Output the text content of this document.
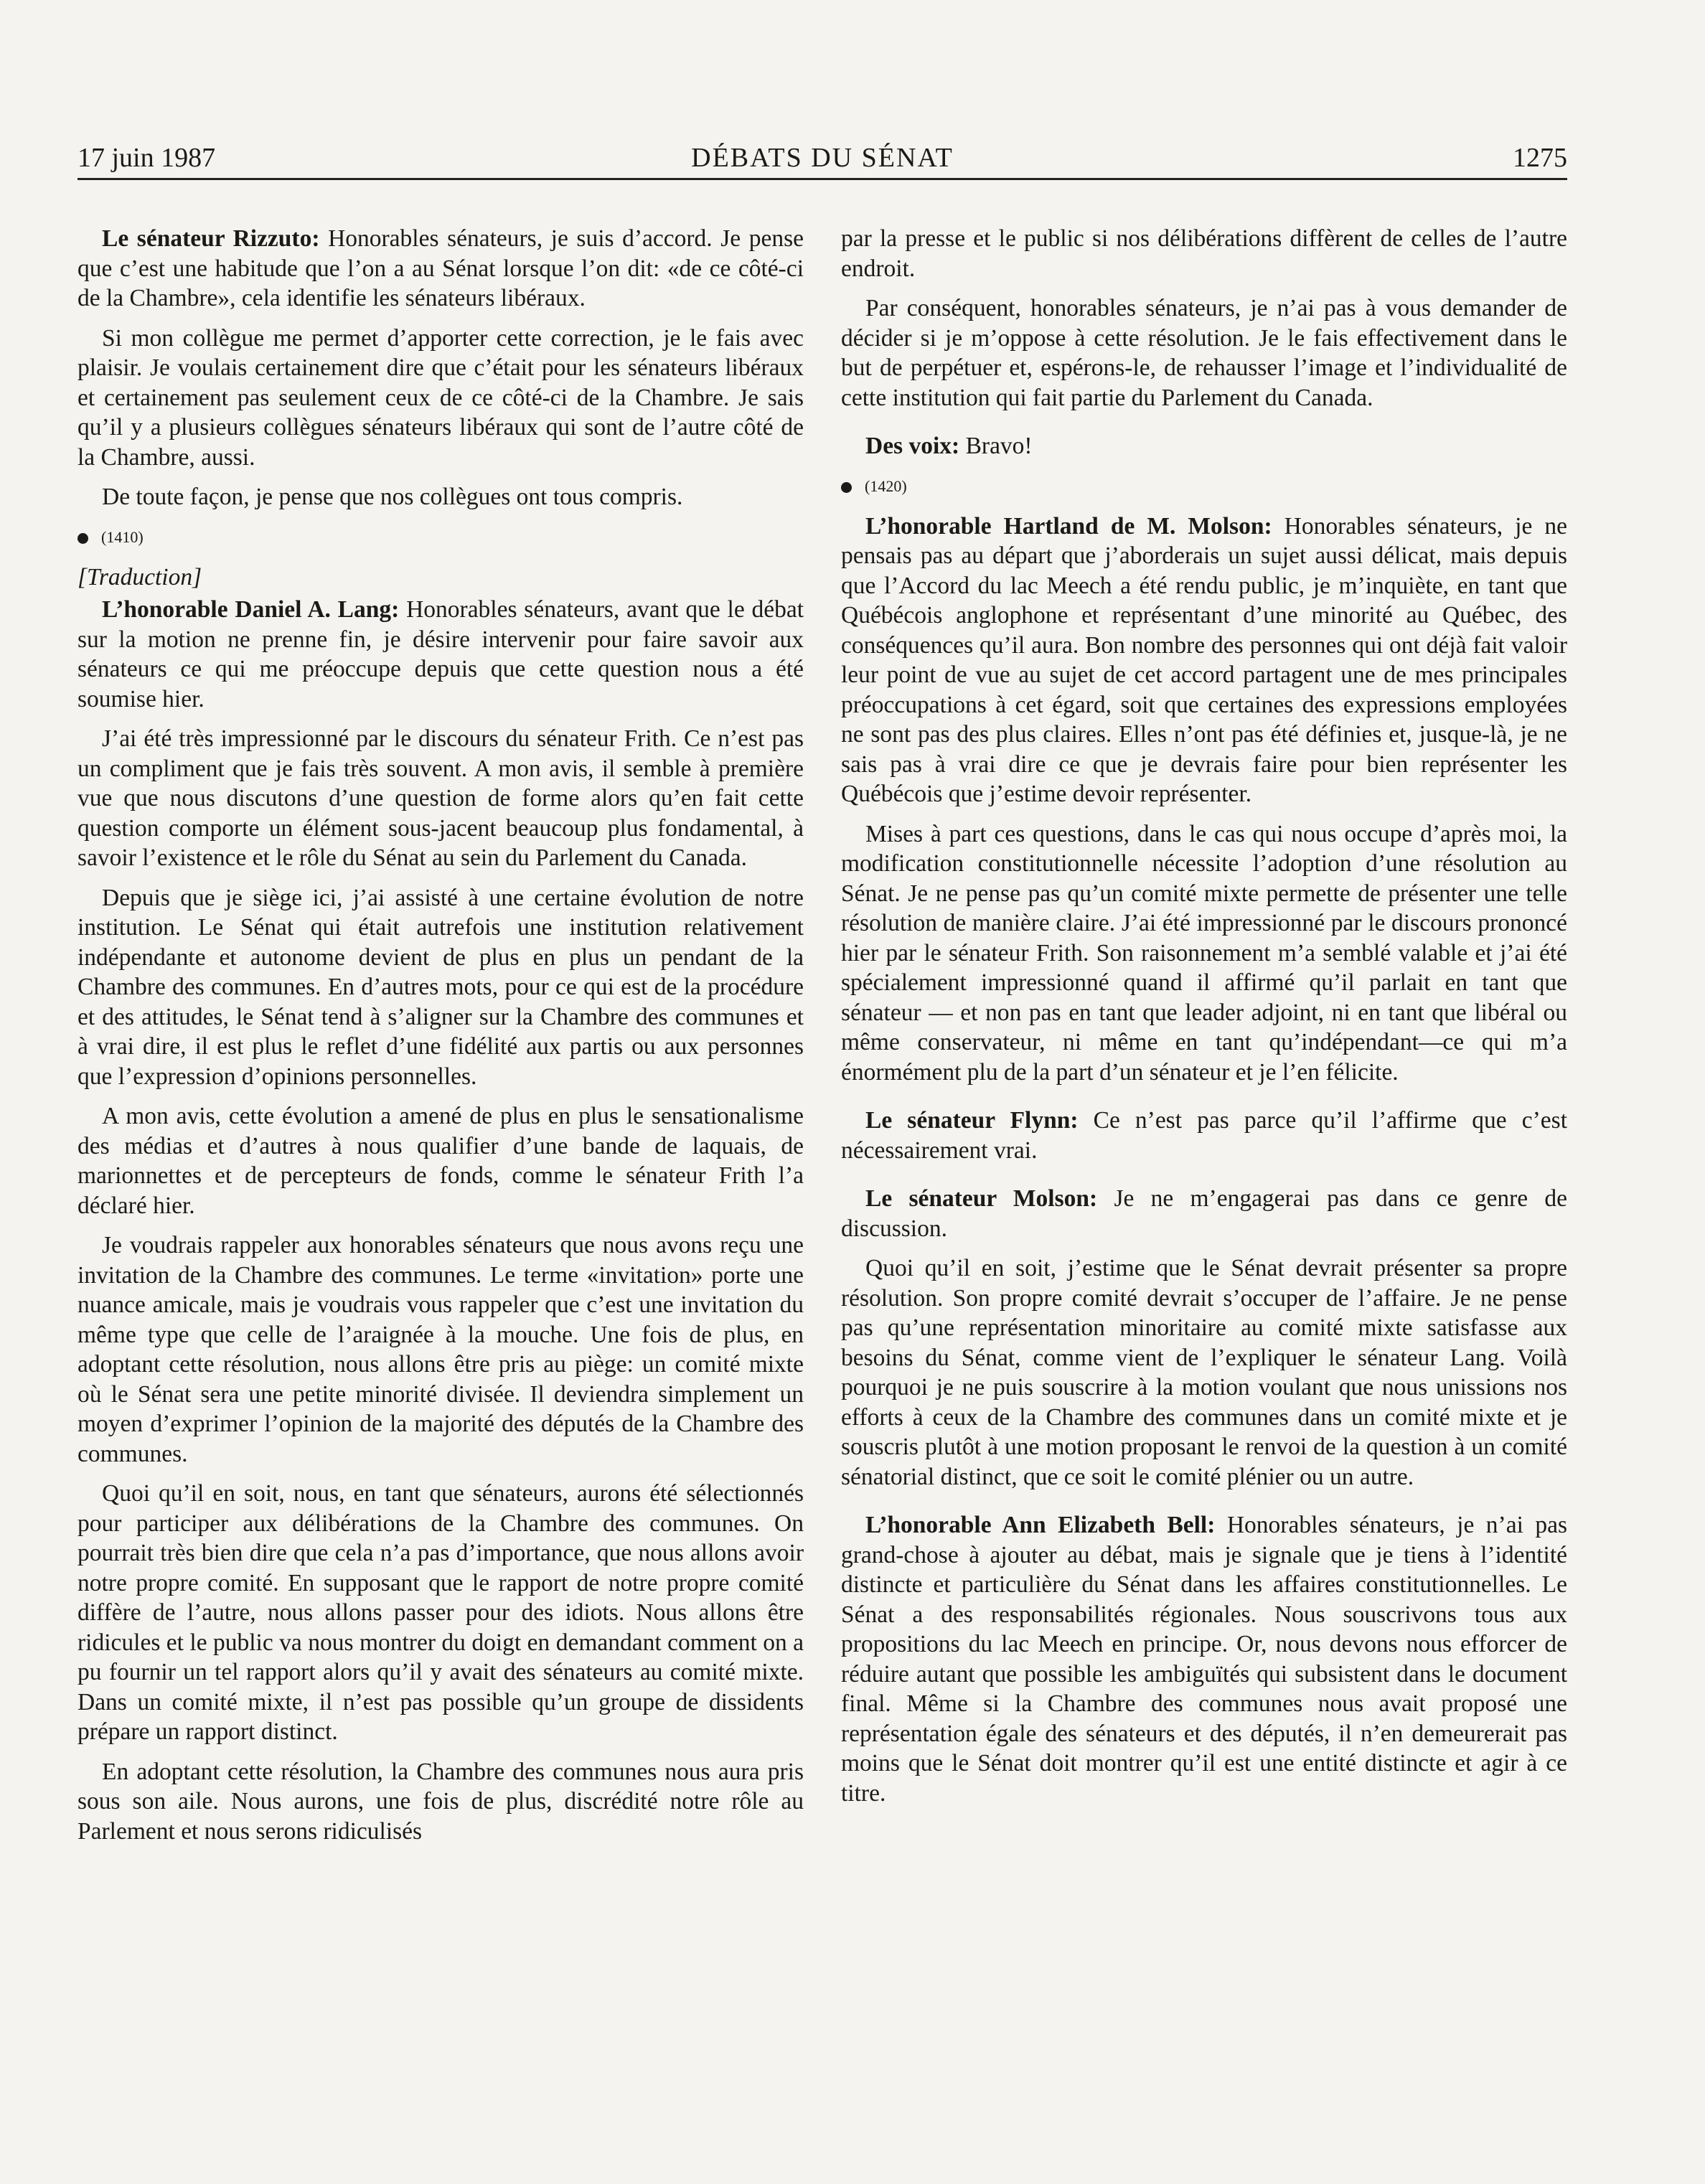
17 juin 1987	DÉBATS DU SÉNAT	1275

Le sénateur Rizzuto: Honorables sénateurs, je suis d’accord. Je pense que c’est une habitude que l’on a au Sénat lorsque l’on dit: «de ce côté-ci de la Chambre», cela identifie les sénateurs libéraux.

Si mon collègue me permet d’apporter cette correction, je le fais avec plaisir. Je voulais certainement dire que c’était pour les sénateurs libéraux et certainement pas seulement ceux de ce côté-ci de la Chambre. Je sais qu’il y a plusieurs collègues sénateurs libéraux qui sont de l’autre côté de la Chambre, aussi.

De toute façon, je pense que nos collègues ont tous compris.

(1410)

[Traduction]

L’honorable Daniel A. Lang: Honorables sénateurs, avant que le débat sur la motion ne prenne fin, je désire intervenir pour faire savoir aux sénateurs ce qui me préoccupe depuis que cette question nous a été soumise hier.

J’ai été très impressionné par le discours du sénateur Frith. Ce n’est pas un compliment que je fais très souvent. A mon avis, il semble à première vue que nous discutons d’une question de forme alors qu’en fait cette question comporte un élément sous-jacent beaucoup plus fondamental, à savoir l’existence et le rôle du Sénat au sein du Parlement du Canada.

Depuis que je siège ici, j’ai assisté à une certaine évolution de notre institution. Le Sénat qui était autrefois une institution relativement indépendante et autonome devient de plus en plus un pendant de la Chambre des communes. En d’autres mots, pour ce qui est de la procédure et des attitudes, le Sénat tend à s’aligner sur la Chambre des communes et à vrai dire, il est plus le reflet d’une fidélité aux partis ou aux personnes que l’expression d’opinions personnelles.

A mon avis, cette évolution a amené de plus en plus le sensationalisme des médias et d’autres à nous qualifier d’une bande de laquais, de marionnettes et de percepteurs de fonds, comme le sénateur Frith l’a déclaré hier.

Je voudrais rappeler aux honorables sénateurs que nous avons reçu une invitation de la Chambre des communes. Le terme «invitation» porte une nuance amicale, mais je voudrais vous rappeler que c’est une invitation du même type que celle de l’araignée à la mouche. Une fois de plus, en adoptant cette résolution, nous allons être pris au piège: un comité mixte où le Sénat sera une petite minorité divisée. Il deviendra simplement un moyen d’exprimer l’opinion de la majorité des députés de la Chambre des communes.

Quoi qu’il en soit, nous, en tant que sénateurs, aurons été sélectionnés pour participer aux délibérations de la Chambre des communes. On pourrait très bien dire que cela n’a pas d’importance, que nous allons avoir notre propre comité. En supposant que le rapport de notre propre comité diffère de l’autre, nous allons passer pour des idiots. Nous allons être ridicules et le public va nous montrer du doigt en demandant comment on a pu fournir un tel rapport alors qu’il y avait des sénateurs au comité mixte. Dans un comité mixte, il n’est pas possible qu’un groupe de dissidents prépare un rapport distinct.

En adoptant cette résolution, la Chambre des communes nous aura pris sous son aile. Nous aurons, une fois de plus, discrédité notre rôle au Parlement et nous serons ridiculisés

par la presse et le public si nos délibérations diffèrent de celles de l’autre endroit.

Par conséquent, honorables sénateurs, je n’ai pas à vous demander de décider si je m’oppose à cette résolution. Je le fais effectivement dans le but de perpétuer et, espérons-le, de rehausser l’image et l’individualité de cette institution qui fait partie du Parlement du Canada.

Des voix: Bravo!

(1420)

L’honorable Hartland de M. Molson: Honorables sénateurs, je ne pensais pas au départ que j’aborderais un sujet aussi délicat, mais depuis que l’Accord du lac Meech a été rendu public, je m’inquiète, en tant que Québécois anglophone et représentant d’une minorité au Québec, des conséquences qu’il aura. Bon nombre des personnes qui ont déjà fait valoir leur point de vue au sujet de cet accord partagent une de mes principales préoccupations à cet égard, soit que certaines des expressions employées ne sont pas des plus claires. Elles n’ont pas été définies et, jusque-là, je ne sais pas à vrai dire ce que je devrais faire pour bien représenter les Québécois que j’estime devoir représenter.

Mises à part ces questions, dans le cas qui nous occupe d’après moi, la modification constitutionnelle nécessite l’adoption d’une résolution au Sénat. Je ne pense pas qu’un comité mixte permette de présenter une telle résolution de manière claire. J’ai été impressionné par le discours prononcé hier par le sénateur Frith. Son raisonnement m’a semblé valable et j’ai été spécialement impressionné quand il affirmé qu’il parlait en tant que sénateur — et non pas en tant que leader adjoint, ni en tant que libéral ou même conservateur, ni même en tant qu’indépendant—ce qui m’a énormément plu de la part d’un sénateur et je l’en félicite.

Le sénateur Flynn: Ce n’est pas parce qu’il l’affirme que c’est nécessairement vrai.

Le sénateur Molson: Je ne m’engagerai pas dans ce genre de discussion.

Quoi qu’il en soit, j’estime que le Sénat devrait présenter sa propre résolution. Son propre comité devrait s’occuper de l’affaire. Je ne pense pas qu’une représentation minoritaire au comité mixte satisfasse aux besoins du Sénat, comme vient de l’expliquer le sénateur Lang. Voilà pourquoi je ne puis souscrire à la motion voulant que nous unissions nos efforts à ceux de la Chambre des communes dans un comité mixte et je souscris plutôt à une motion proposant le renvoi de la question à un comité sénatorial distinct, que ce soit le comité plénier ou un autre.

L’honorable Ann Elizabeth Bell: Honorables sénateurs, je n’ai pas grand-chose à ajouter au débat, mais je signale que je tiens à l’identité distincte et particulière du Sénat dans les affaires constitutionnelles. Le Sénat a des responsabilités régionales. Nous souscrivons tous aux propositions du lac Meech en principe. Or, nous devons nous efforcer de réduire autant que possible les ambiguïtés qui subsistent dans le document final. Même si la Chambre des communes nous avait proposé une représentation égale des sénateurs et des députés, il n’en demeurerait pas moins que le Sénat doit montrer qu’il est une entité distincte et agir à ce titre.
